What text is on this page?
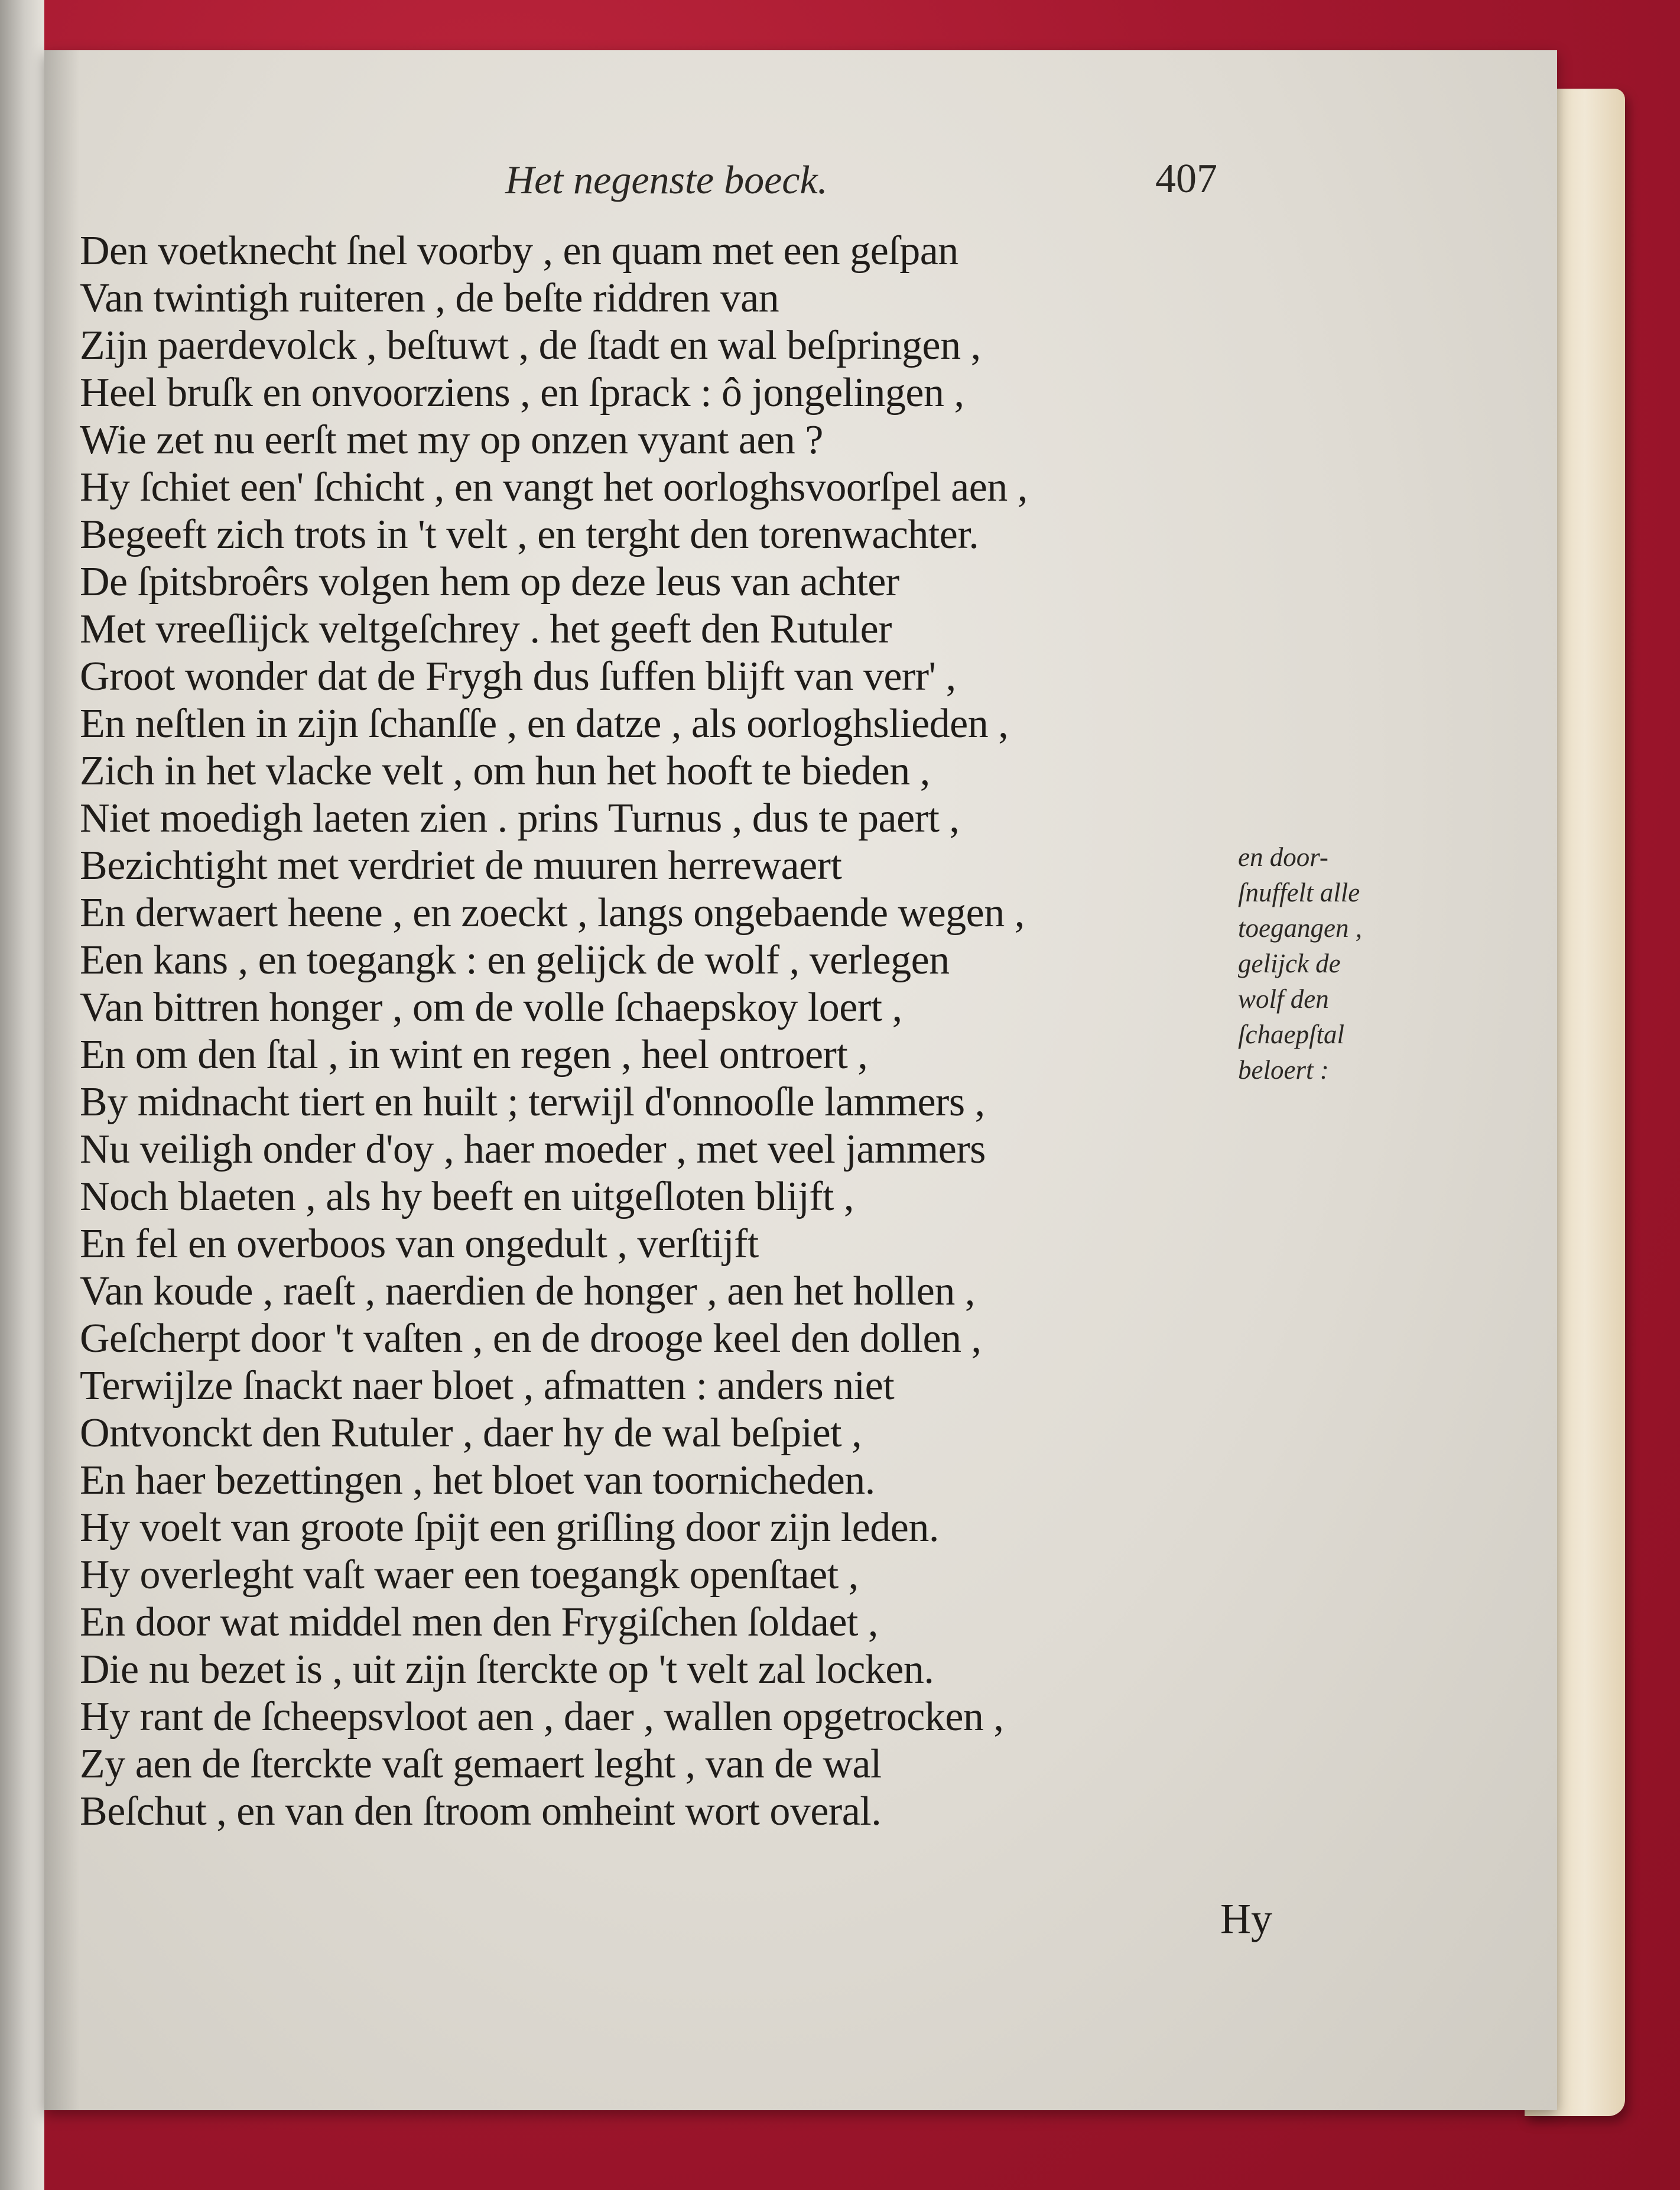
Het negenste boeck.	407
Den voetknecht ſnel voorby , en quam met een geſpan
Van twintigh ruiteren , de beſte riddren van
Zijn paerdevolck , beſtuwt , de ſtadt en wal beſpringen ,
Heel bruſk en onvoorziens , en ſprack : ô jongelingen ,
Wie zet nu eerſt met my op onzen vyant aen ?
Hy ſchiet een' ſchicht , en vangt het oorloghsvoorſpel aen ,
Begeeft zich trots in 't velt , en terght den torenwachter.
De ſpitsbroêrs volgen hem op deze leus van achter
Met vreeſlijck veltgeſchrey . het geeft den Rutuler
Groot wonder dat de Frygh dus ſuffen blijft van verr' ,
En neſtlen in zijn ſchanſſe , en datze , als oorloghslieden ,
Zich in het vlacke velt , om hun het hooft te bieden ,
Niet moedigh laeten zien . prins Turnus , dus te paert ,
Bezichtight met verdriet de muuren herrewaert
En derwaert heene , en zoeckt , langs ongebaende wegen ,
Een kans , en toegangk : en gelijck de wolf , verlegen
Van bittren honger , om de volle ſchaepskoy loert ,
En om den ſtal , in wint en regen , heel ontroert ,
By midnacht tiert en huilt ; terwijl d'onnooſle lammers ,
Nu veiligh onder d'oy , haer moeder , met veel jammers
Noch blaeten , als hy beeft en uitgeſloten blijft ,
En fel en overboos van ongedult , verſtijft
Van koude , raeſt , naerdien de honger , aen het hollen ,
Geſcherpt door 't vaſten , en de drooge keel den dollen ,
Terwijlze ſnackt naer bloet , afmatten : anders niet
Ontvonckt den Rutuler , daer hy de wal beſpiet ,
En haer bezettingen , het bloet van toornicheden.
Hy voelt van groote ſpijt een griſling door zijn leden.
Hy overleght vaſt waer een toegangk openſtaet ,
En door wat middel men den Frygiſchen ſoldaet ,
Die nu bezet is , uit zijn ſterckte op 't velt zal locken.
Hy rant de ſcheepsvloot aen , daer , wallen opgetrocken ,
Zy aen de ſterckte vaſt gemaert leght , van de wal
Beſchut , en van den ſtroom omheint wort overal.
en door-
ſnuffelt alle
toegangen ,
gelijck de
wolf den
ſchaepſtal
beloert :
Hy
